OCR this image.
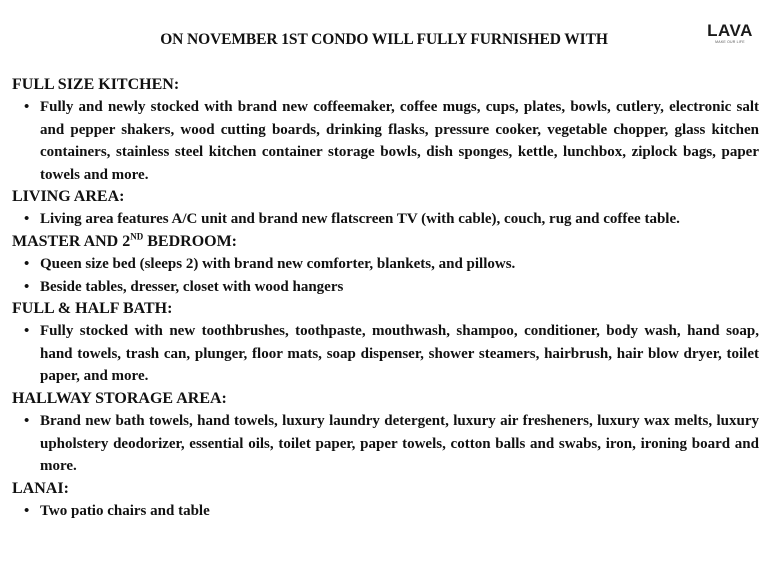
ON NOVEMBER 1ST CONDO WILL FULLY FURNISHED WITH	LAVA
MAKE OUR LIFE
FULL SIZE KITCHEN:
• Fully and newly stocked with brand new coffeemaker, coffee mugs, cups, plates, bowls, cutlery, electronic salt and pepper shakers, wood cutting boards, drinking flasks, pressure cooker, vegetable chopper, glass kitchen containers, stainless steel kitchen container storage bowls, dish sponges, kettle, lunchbox, ziplock bags, paper towels and more.
LIVING AREA:
• Living area features A/C unit and brand new flatscreen TV (with cable), couch, rug and coffee table.
MASTER AND 2ND BEDROOM:
• Queen size bed (sleeps 2) with brand new comforter, blankets, and pillows.
• Beside tables, dresser, closet with wood hangers
FULL & HALF BATH:
• Fully stocked with new toothbrushes, toothpaste, mouthwash, shampoo, conditioner, body wash, hand soap, hand towels, trash can, plunger, floor mats, soap dispenser, shower steamers, hairbrush, hair blow dryer, toilet paper, and more.
HALLWAY STORAGE AREA:
• Brand new bath towels, hand towels, luxury laundry detergent, luxury air fresheners, luxury wax melts, luxury upholstery deodorizer, essential oils, toilet paper, paper towels, cotton balls and swabs, iron, ironing board and more.
LANAI:
• Two patio chairs and table
